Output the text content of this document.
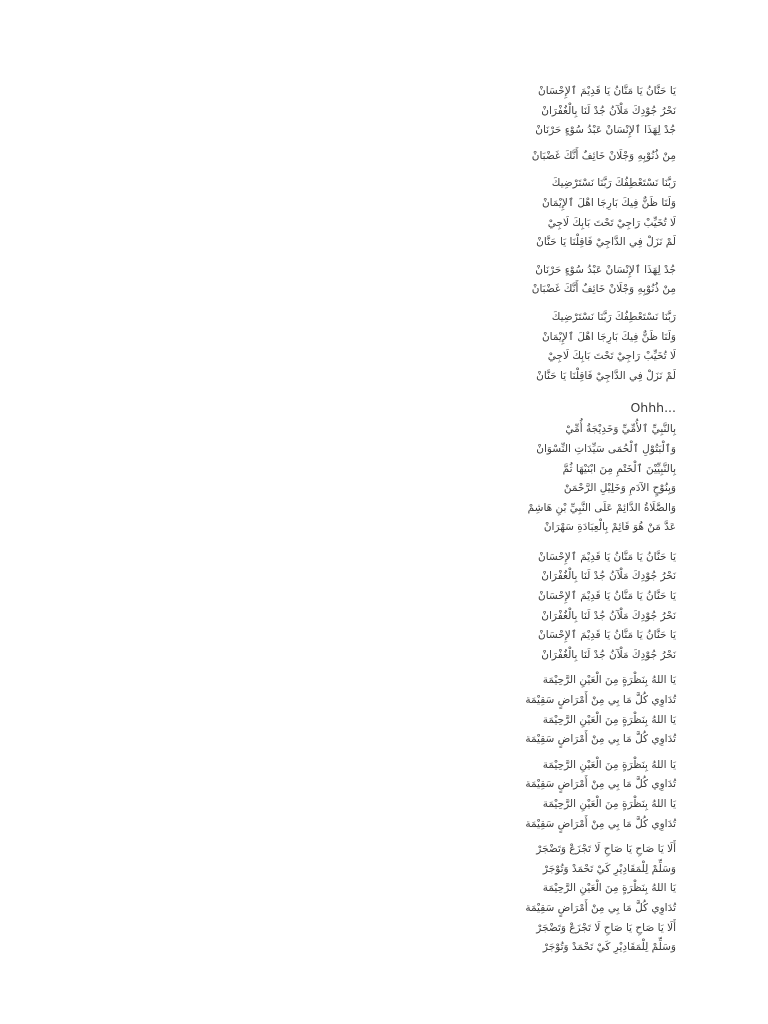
يَا حَنَّانُ يَا مَنَّانُ يَا قَدِيْمَ ٱلإِحْسَانْ
نَحْرُ جُوْدِكَ مَلْآنُ جُدْ لَنَا بِالْغُفْرَانْ
جُدْ لِهَذَا ٱلإِنْسَانْ عَبْدُ سُوْءٍ حَرْنَانْ
مِنْ ذُنُوْبِهِ وَجْلَانْ خَائِفٌ أَنَّكَ غَضْبَانْ
رَبَّنَا نَسْتَعْطِفُكَ رَبَّنَا نَسْتَرْضِيكَ
وَلَنَا ظَنٌّ فِيكَ بَارِجَا اهْلَ ٱلإِيْمَانْ
لَا تُخَيِّبْ رَاجِيْ تَحْتَ بَابِكَ لَاجِيْ
لَمْ نَزَلْ فِي الدَّاجِيْ فَاقِلْنَا يَا حَنَّانْ
جُدْ لِهَذَا ٱلإِنْسَانْ عَبْدُ سُوْءٍ حَرْنَانْ
مِنْ ذُنُوْبِهِ وَجْلَانْ خَائِفٌ أَنَّكَ غَضْبَانْ
رَبَّنَا نَسْتَعْطِفُكَ رَبَّنَا نَسْتَرْضِيكَ
وَلَنَا ظَنٌّ فِيكَ بَارِجَا اهْلَ ٱلإِيْمَانْ
لَا تُخَيِّبْ رَاجِيْ تَحْتَ بَابِكَ لَاجِيْ
لَمْ نَزَلْ فِي الدَّاجِيْ فَاقِلْنَا يَا حَنَّانْ
Ohhh...
بِالنَّبِيِّ ٱلأُمِّيِّ وَخَدِيْجَةُ أُمِّيْ
وَٱلْبَتُوْلِ ٱلْحُمَى سَيِّدَاتِ النِّسْوَانْ
بِالنَّبِيِّيْنَ ٱلْخَتْمِ مِنَ ابْنَيْهَا ثُمَّ
وَبِنُوْحٍ الآدَمِ وَخَلِيْلِ الرَّحْمَنْ
وَالصَّلَاةُ الدَّائِمْ عَلَى النَّبِيِّ بْنِ هَاشِمْ
عَدَّ مَنْ هُوَ قَائِمْ بِالْعِبَادَةِ سَهْرَانْ
يَا حَنَّانُ يَا مَنَّانُ يَا قَدِيْمَ ٱلإِحْسَانْ
نَحْرُ جُوْدِكَ مَلْآنُ جُدْ لَنَا بِالْغُفْرَانْ
يَا حَنَّانُ يَا مَنَّانُ يَا قَدِيْمَ ٱلإِحْسَانْ
نَحْرُ جُوْدِكَ مَلْآنُ جُدْ لَنَا بِالْغُفْرَانْ
يَا حَنَّانُ يَا مَنَّانُ يَا قَدِيْمَ ٱلإِحْسَانْ
نَحْرُ جُوْدِكَ مَلْآنُ جُدْ لَنَا بِالْغُفْرَانْ
يَا اللهُ بِنَظْرَةٍ مِنَ الْعَيْنِ الرَّحِيْمَة
تُدَاوِي كُلَّ مَا بِي مِنْ أَمْرَاضٍ سَقِيْمَة
يَا اللهُ بِنَظْرَةٍ مِنَ الْعَيْنِ الرَّحِيْمَة
تُدَاوِي كُلَّ مَا بِي مِنْ أَمْرَاضٍ سَقِيْمَة
يَا اللهُ بِنَظْرَةٍ مِنَ الْعَيْنِ الرَّحِيْمَة
تُدَاوِي كُلَّ مَا بِي مِنْ أَمْرَاضٍ سَقِيْمَة
يَا اللهُ بِنَظْرَةٍ مِنَ الْعَيْنِ الرَّحِيْمَة
تُدَاوِي كُلَّ مَا بِي مِنْ أَمْرَاضٍ سَقِيْمَة
أَلَا يَا صَاحِ يَا صَاحِ لَا تَجْزَعْ وَتَضْجَرْ
وَسَلِّمْ لِلْمَقَادِيْرِ كَيْ تَحْمَدْ وَتُوْجَرْ
يَا اللهُ بِنَظْرَةٍ مِنَ الْعَيْنِ الرَّحِيْمَة
تُدَاوِي كُلَّ مَا بِي مِنْ أَمْرَاضٍ سَقِيْمَة
أَلَا يَا صَاحِ يَا صَاحِ لَا تَجْزَعْ وَتَضْجَرْ
وَسَلِّمْ لِلْمَقَادِيْرِ كَيْ تَحْمَدْ وَتُوْجَرْ
